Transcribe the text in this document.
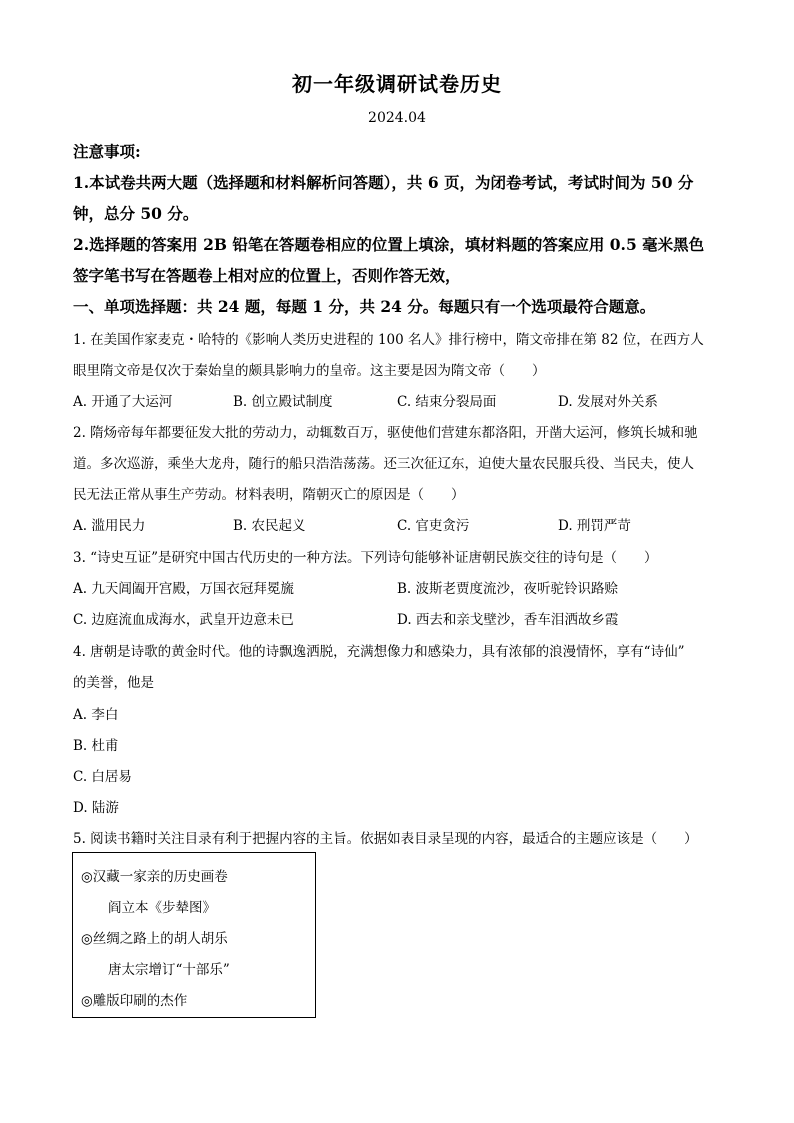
初一年级调研试卷历史
2024.04
注意事项:
1.本试卷共两大题（选择题和材料解析问答题），共 6 页，为闭卷考试，考试时间为 50 分
钟，总分 50 分。
2.选择题的答案用 2B 铅笔在答题卷相应的位置上填涂，填材料题的答案应用 0.5 毫米黑色
签字笔书写在答题卷上相对应的位置上，否则作答无效，
一、单项选择题：共 24 题，每题 1 分，共 24 分。每题只有一个选项最符合题意。
1. 在美国作家麦克・哈特的《影响人类历史进程的 100 名人》排行榜中，隋文帝排在第 82 位，在西方人
眼里隋文帝是仅次于秦始皇的颇具影响力的皇帝。这主要是因为隋文帝（　　）
A. 开通了大运河	B. 创立殿试制度	C. 结束分裂局面	D. 发展对外关系
2. 隋炀帝每年都要征发大批的劳动力，动辄数百万，驱使他们营建东都洛阳，开凿大运河，修筑长城和驰
道。多次巡游，乘坐大龙舟，随行的船只浩浩荡荡。还三次征辽东，迫使大量农民服兵役、当民夫，使人
民无法正常从事生产劳动。材料表明，隋朝灭亡的原因是（　　）
A. 滥用民力	B. 农民起义	C. 官吏贪污	D. 刑罚严苛
3. “诗史互证”是研究中国古代历史的一种方法。下列诗句能够补证唐朝民族交往的诗句是（　　）
A. 九天阊阖开宫殿，万国衣冠拜冕旒	B. 波斯老贾度流沙，夜听驼铃识路赊
C. 边庭流血成海水，武皇开边意未已	D. 西去和亲戈壁沙，香车泪洒故乡霞
4. 唐朝是诗歌的黄金时代。他的诗飘逸洒脱，充满想像力和感染力，具有浓郁的浪漫情怀，享有“诗仙”
的美誉，他是
A. 李白
B. 杜甫
C. 白居易
D. 陆游
5. 阅读书籍时关注目录有利于把握内容的主旨。依据如表目录呈现的内容，最适合的主题应该是（　　）
◎汉藏一家亲的历史画卷
阎立本《步辇图》
◎丝绸之路上的胡人胡乐
唐太宗增订“十部乐”
◎雕版印刷的杰作
